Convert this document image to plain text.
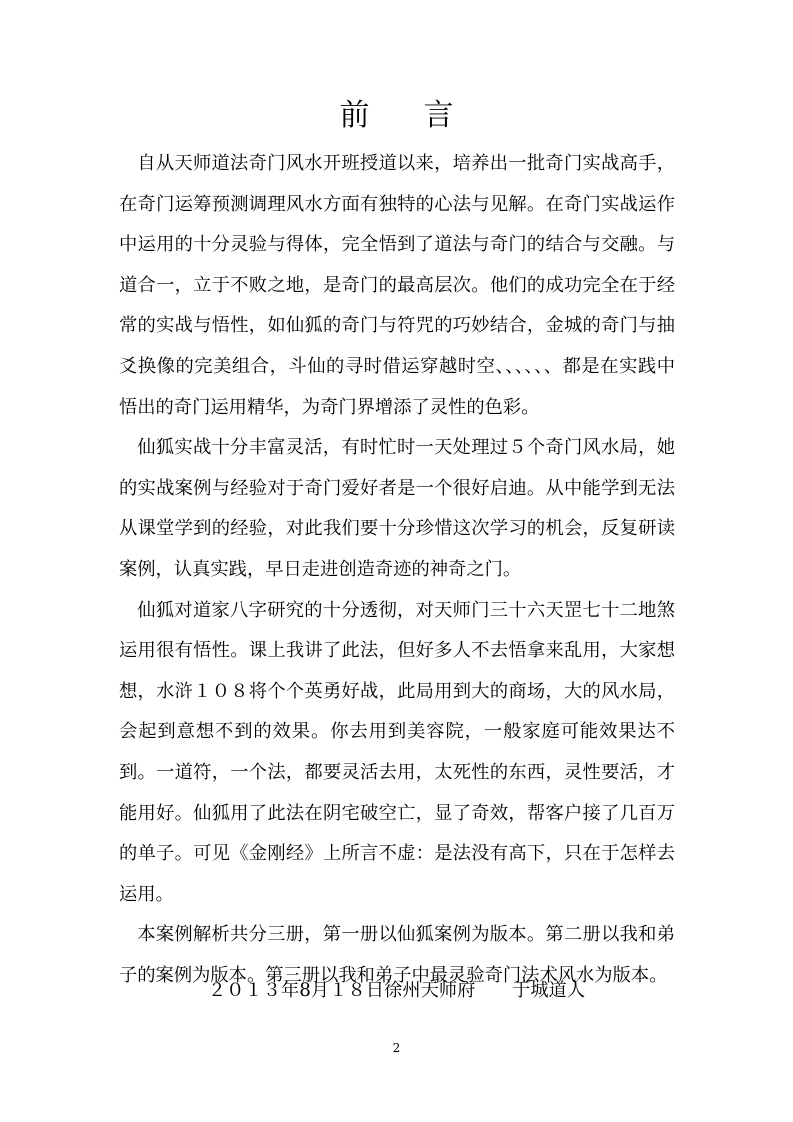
前言

自从天师道法奇门风水开班授道以来，培养出一批奇门实战高手，在奇门运筹预测调理风水方面有独特的心法与见解。在奇门实战运作中运用的十分灵验与得体，完全悟到了道法与奇门的结合与交融。与道合一，立于不败之地，是奇门的最高层次。他们的成功完全在于经常的实战与悟性，如仙狐的奇门与符咒的巧妙结合，金城的奇门与抽爻换像的完美组合，斗仙的寻时借运穿越时空、、、、、、都是在实践中悟出的奇门运用精华，为奇门界增添了灵性的色彩。

仙狐实战十分丰富灵活，有时忙时一天处理过５个奇门风水局，她的实战案例与经验对于奇门爱好者是一个很好启迪。从中能学到无法从课堂学到的经验，对此我们要十分珍惜这次学习的机会，反复研读案例，认真实践，早日走进创造奇迹的神奇之门。

仙狐对道家八字研究的十分透彻，对天师门三十六天罡七十二地煞运用很有悟性。课上我讲了此法，但好多人不去悟拿来乱用，大家想想，水浒１０８将个个英勇好战，此局用到大的商场，大的风水局，会起到意想不到的效果。你去用到美容院，一般家庭可能效果达不到。一道符，一个法，都要灵活去用，太死性的东西，灵性要活，才能用好。仙狐用了此法在阴宅破空亡，显了奇效，帮客户接了几百万的单子。可见《金刚经》上所言不虚：是法没有高下，只在于怎样去运用。

本案例解析共分三册，第一册以仙狐案例为版本。第二册以我和弟子的案例为版本。第三册以我和弟子中最灵验奇门法术风水为版本。

２０１３年8月１８日徐州天师府　　于城道人
2
